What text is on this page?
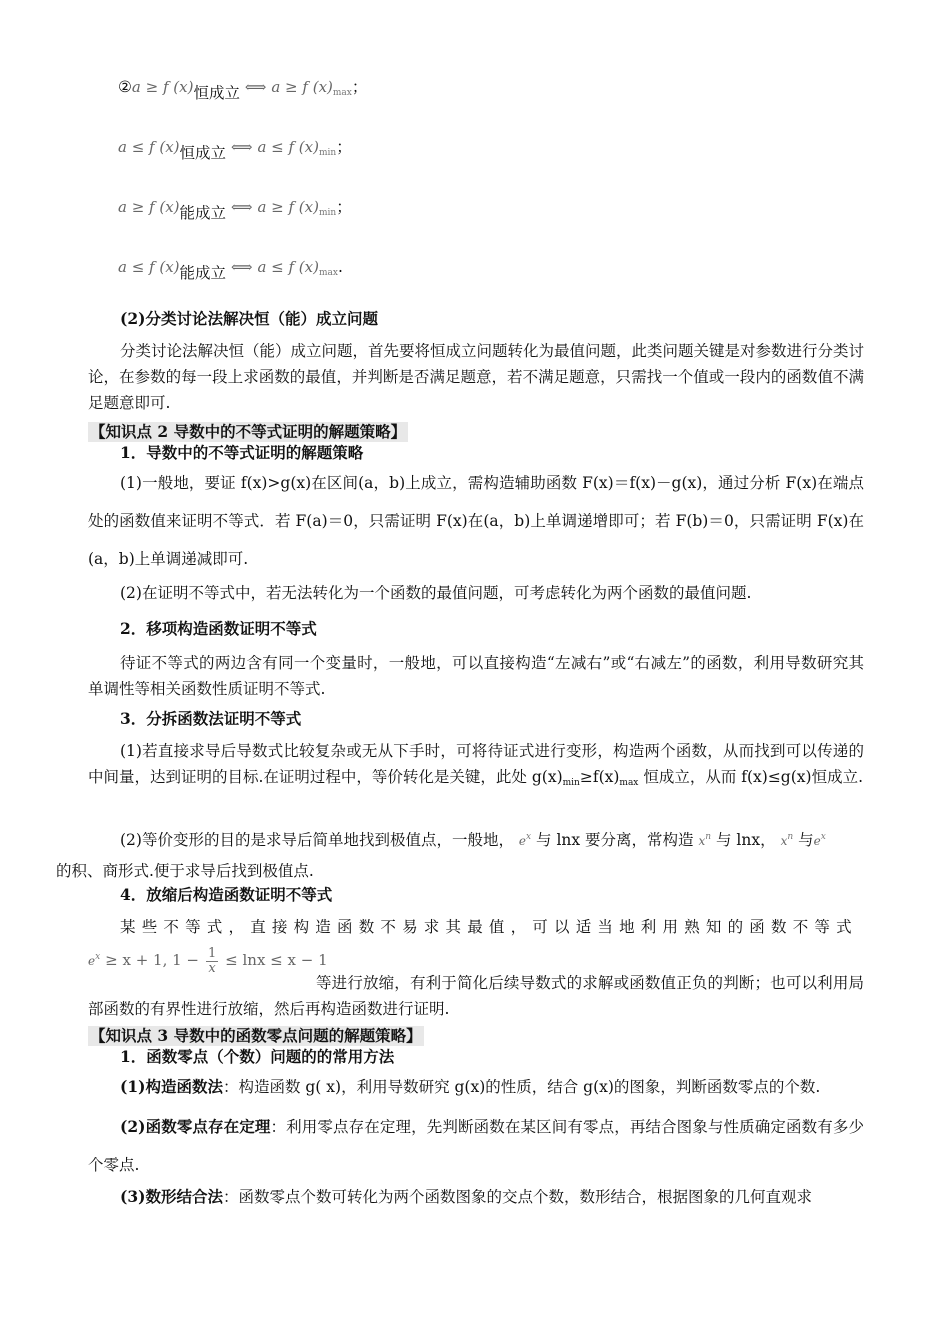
②a ≥ f (x)恒成立 ⟺ a ≥ f $(x)_{max}$；
a ≤ f (x)恒成立 ⟺ a ≤ f $(x)_{min}$；
a ≥ f (x)能成立 ⟺ a ≥ f $(x)_{min}$；
a ≤ f (x)能成立 ⟺ a ≤ f $(x)_{max}$.
(2)分类讨论法解决恒（能）成立问题
分类讨论法解决恒（能）成立问题，首先要将恒成立问题转化为最值问题，此类问题关键是对参数进行分类讨论，在参数的每一段上求函数的最值，并判断是否满足题意，若不满足题意，只需找一个值或一段内的函数值不满足题意即可.
【知识点 2 导数中的不等式证明的解题策略】
1．导数中的不等式证明的解题策略
(1)一般地，要证 f(x)>g(x)在区间(a，b)上成立，需构造辅助函数 F(x)＝f(x)－g(x)，通过分析 F(x)在端点处的函数值来证明不等式．若 F(a)＝0，只需证明 F(x)在(a，b)上单调递增即可；若 F(b)＝0，只需证明 F(x)在(a，b)上单调递减即可.
(2)在证明不等式中，若无法转化为一个函数的最值问题，可考虑转化为两个函数的最值问题.
2．移项构造函数证明不等式
待证不等式的两边含有同一个变量时，一般地，可以直接构造“左减右”或“右减左”的函数，利用导数研究其单调性等相关函数性质证明不等式.
3．分拆函数法证明不等式
(1)若直接求导后导数式比较复杂或无从下手时，可将待证式进行变形，构造两个函数，从而找到可以传递的中间量，达到证明的目标.在证明过程中，等价转化是关键，此处 $g(x)_{min}\ge f(x)_{max}$ 恒成立，从而 f(x)≤g(x)恒成立.
(2)等价变形的目的是求导后简单地找到极值点，一般地， $e^x$ 与 lnx 要分离，常构造 $x^n$ 与 lnx， $x^n$ 与$e^x$
的积、商形式.便于求导后找到极值点.
4．放缩后构造函数证明不等式
某些不等式，直接构造函数不易求其最值，可以适当地利用熟知的函数不等式
$e^x \ge x + 1$, $1 - \frac{1}{x} \le \ln x \le x - 1$
等进行放缩，有利于简化后续导数式的求解或函数值正负的判断；也可以利用局部函数的有界性进行放缩，然后再构造函数进行证明.
【知识点 3 导数中的函数零点问题的解题策略】
1．函数零点（个数）问题的的常用方法
(1)构造函数法：构造函数 g( x)，利用导数研究 g(x)的性质，结合 g(x)的图象，判断函数零点的个数.
(2)函数零点存在定理：利用零点存在定理，先判断函数在某区间有零点，再结合图象与性质确定函数有多少个零点.
(3)数形结合法：函数零点个数可转化为两个函数图象的交点个数，数形结合，根据图象的几何直观求
